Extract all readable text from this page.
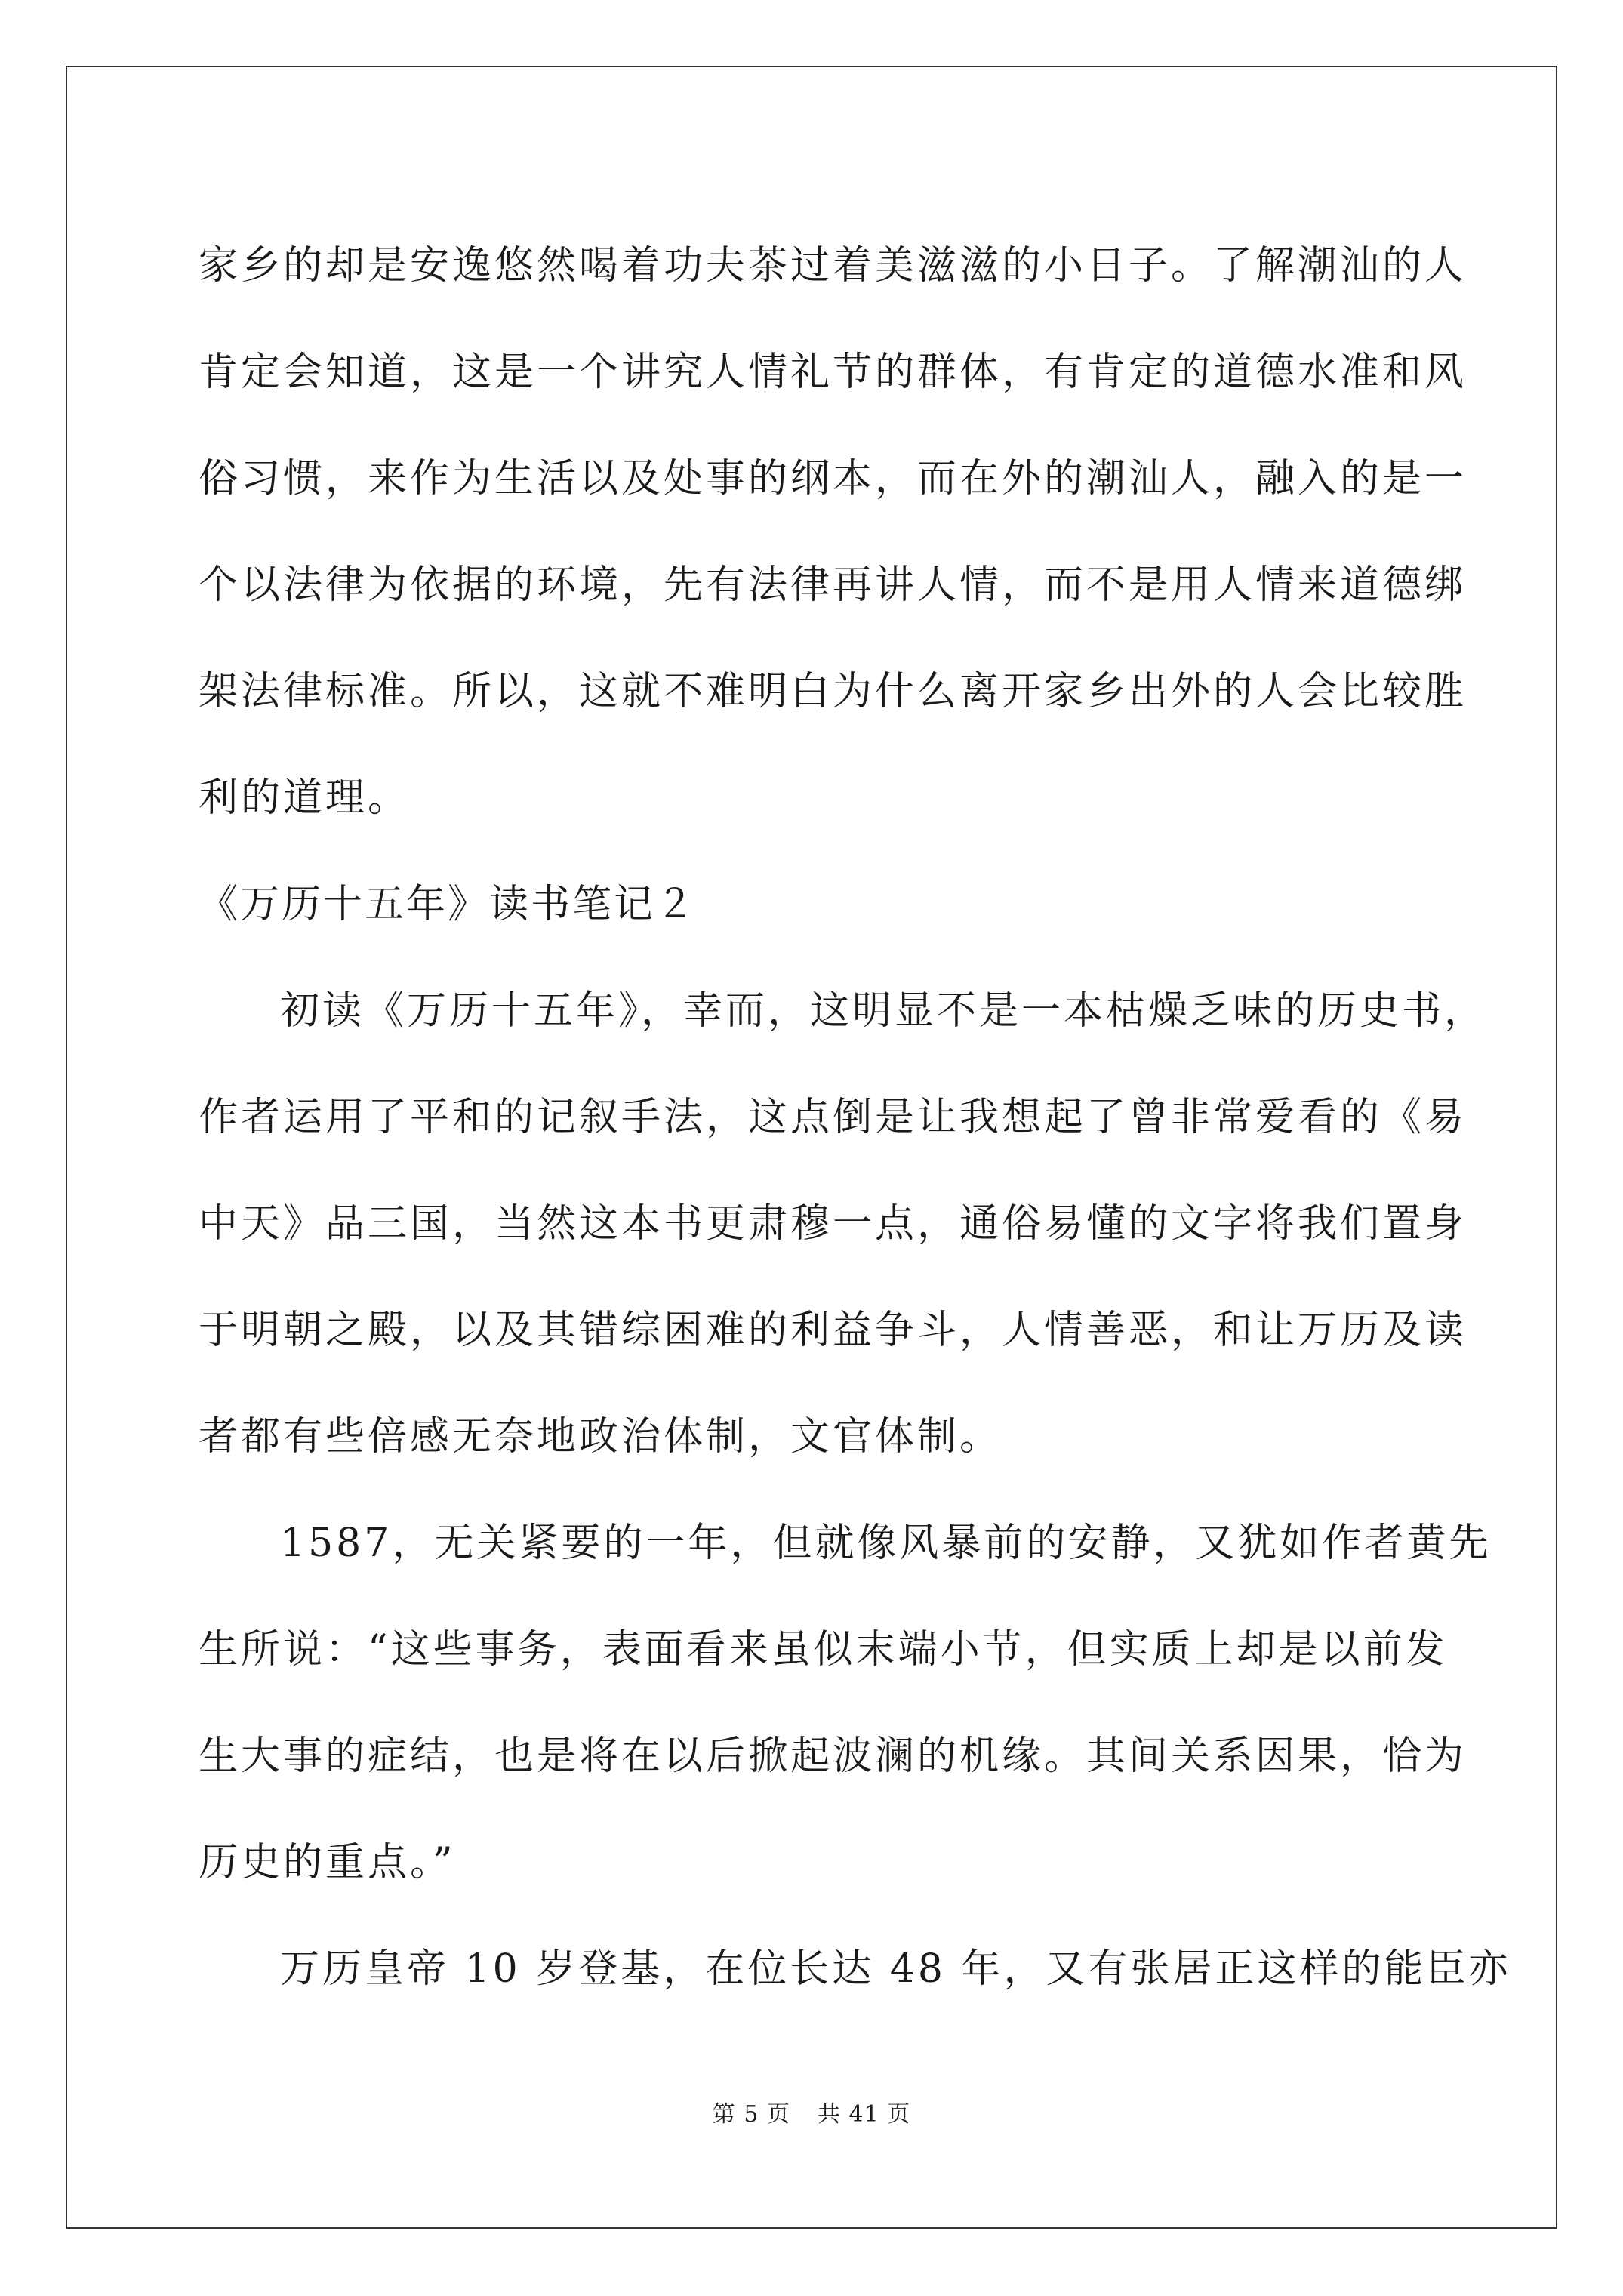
家乡的却是安逸悠然喝着功夫茶过着美滋滋的小日子。了解潮汕的人
肯定会知道，这是一个讲究人情礼节的群体，有肯定的道德水准和风
俗习惯，来作为生活以及处事的纲本，而在外的潮汕人，融入的是一
个以法律为依据的环境，先有法律再讲人情，而不是用人情来道德绑
架法律标准。所以，这就不难明白为什么离开家乡出外的人会比较胜
利的道理。
《万历十五年》读书笔记２
初读《万历十五年》，幸而，这明显不是一本枯燥乏味的历史书，
作者运用了平和的记叙手法，这点倒是让我想起了曾非常爱看的《易
中天》品三国，当然这本书更肃穆一点，通俗易懂的文字将我们置身
于明朝之殿，以及其错综困难的利益争斗，人情善恶，和让万历及读
者都有些倍感无奈地政治体制，文官体制。
1587，无关紧要的一年，但就像风暴前的安静，又犹如作者黄先
生所说：“这些事务，表面看来虽似末端小节，但实质上却是以前发
生大事的症结，也是将在以后掀起波澜的机缘。其间关系因果，恰为
历史的重点。”
万历皇帝 10 岁登基，在位长达 48 年，又有张居正这样的能臣亦
第 5 页 共 41 页
